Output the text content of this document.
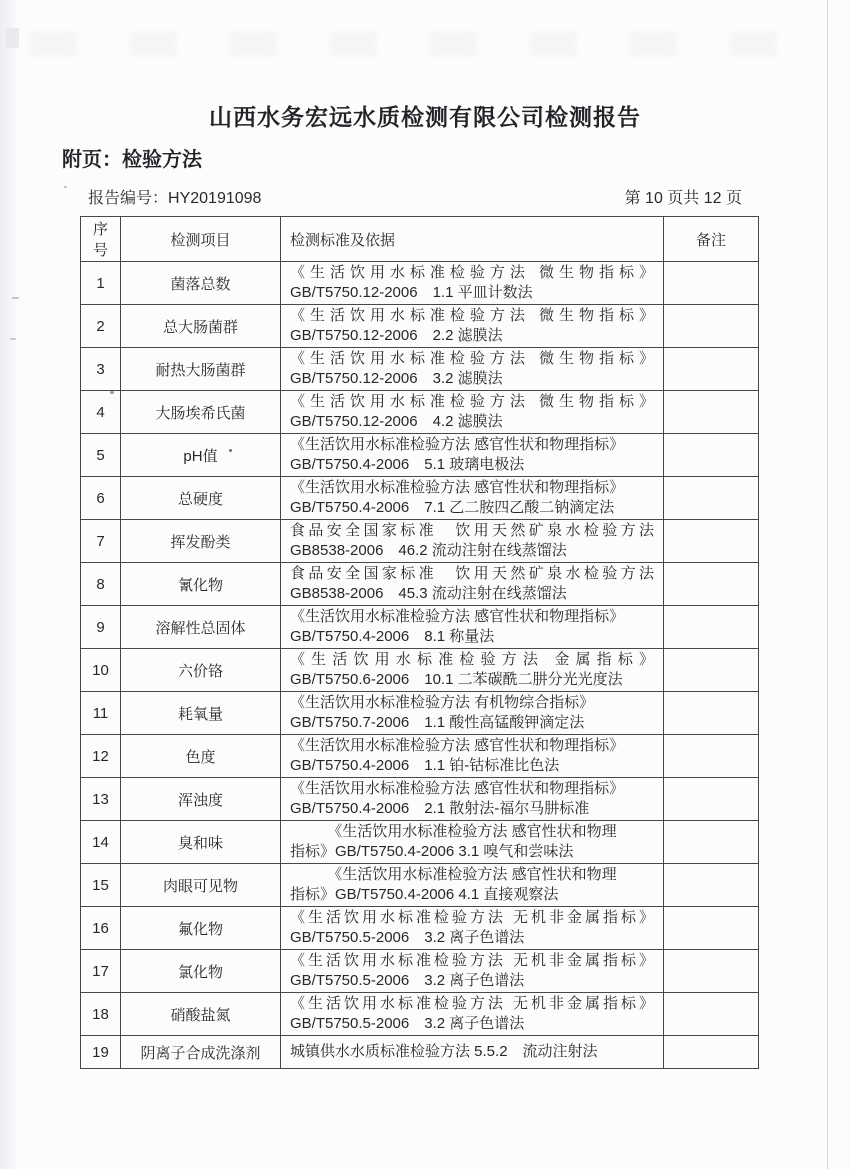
山西水务宏远水质检测有限公司检测报告
附页：检验方法
报告编号：HY20191098	第 10 页共 12 页
序号	检测项目	检测标准及依据	备注
1	菌落总数	《生活饮用水标准检验方法 微生物指标》
GB/T5750.12-2006　1.1 平皿计数法	

2	总大肠菌群	《生活饮用水标准检验方法 微生物指标》
GB/T5750.12-2006　2.2 滤膜法	

3	耐热大肠菌群	《生活饮用水标准检验方法 微生物指标》
GB/T5750.12-2006　3.2 滤膜法	

4	大肠埃希氏菌	《生活饮用水标准检验方法 微生物指标》
GB/T5750.12-2006　4.2 滤膜法	

5	pH值	《生活饮用水标准检验方法 感官性状和物理指标》
GB/T5750.4-2006　5.1 玻璃电极法	

6	总硬度	《生活饮用水标准检验方法 感官性状和物理指标》
GB/T5750.4-2006　7.1 乙二胺四乙酸二钠滴定法	

7	挥发酚类	食品安全国家标准　饮用天然矿泉水检验方法
GB8538-2006　46.2 流动注射在线蒸馏法	

8	氰化物	食品安全国家标准　饮用天然矿泉水检验方法
GB8538-2006　45.3 流动注射在线蒸馏法	

9	溶解性总固体	《生活饮用水标准检验方法 感官性状和物理指标》
GB/T5750.4-2006　8.1 称量法	

10	六价铬	《生活饮用水标准检验方法 金属指标》
GB/T5750.6-2006　10.1 二苯碳酰二肼分光光度法	

11	耗氧量	《生活饮用水标准检验方法 有机物综合指标》
GB/T5750.7-2006　1.1 酸性高锰酸钾滴定法	

12	色度	《生活饮用水标准检验方法 感官性状和物理指标》
GB/T5750.4-2006　1.1 铂-钴标准比色法	

13	浑浊度	《生活饮用水标准检验方法 感官性状和物理指标》
GB/T5750.4-2006　2.1 散射法-福尔马肼标准	

14	臭和味	《生活饮用水标准检验方法 感官性状和物理
指标》GB/T5750.4-2006 3.1 嗅气和尝味法	

15	肉眼可见物	《生活饮用水标准检验方法 感官性状和物理
指标》GB/T5750.4-2006 4.1 直接观察法	

16	氟化物	《生活饮用水标准检验方法 无机非金属指标》
GB/T5750.5-2006　3.2 离子色谱法	

17	氯化物	《生活饮用水标准检验方法 无机非金属指标》
GB/T5750.5-2006　3.2 离子色谱法	

18	硝酸盐氮	《生活饮用水标准检验方法 无机非金属指标》
GB/T5750.5-2006　3.2 离子色谱法	

19	阴离子合成洗涤剂	城镇供水水质标准检验方法 5.5.2　流动注射法	
